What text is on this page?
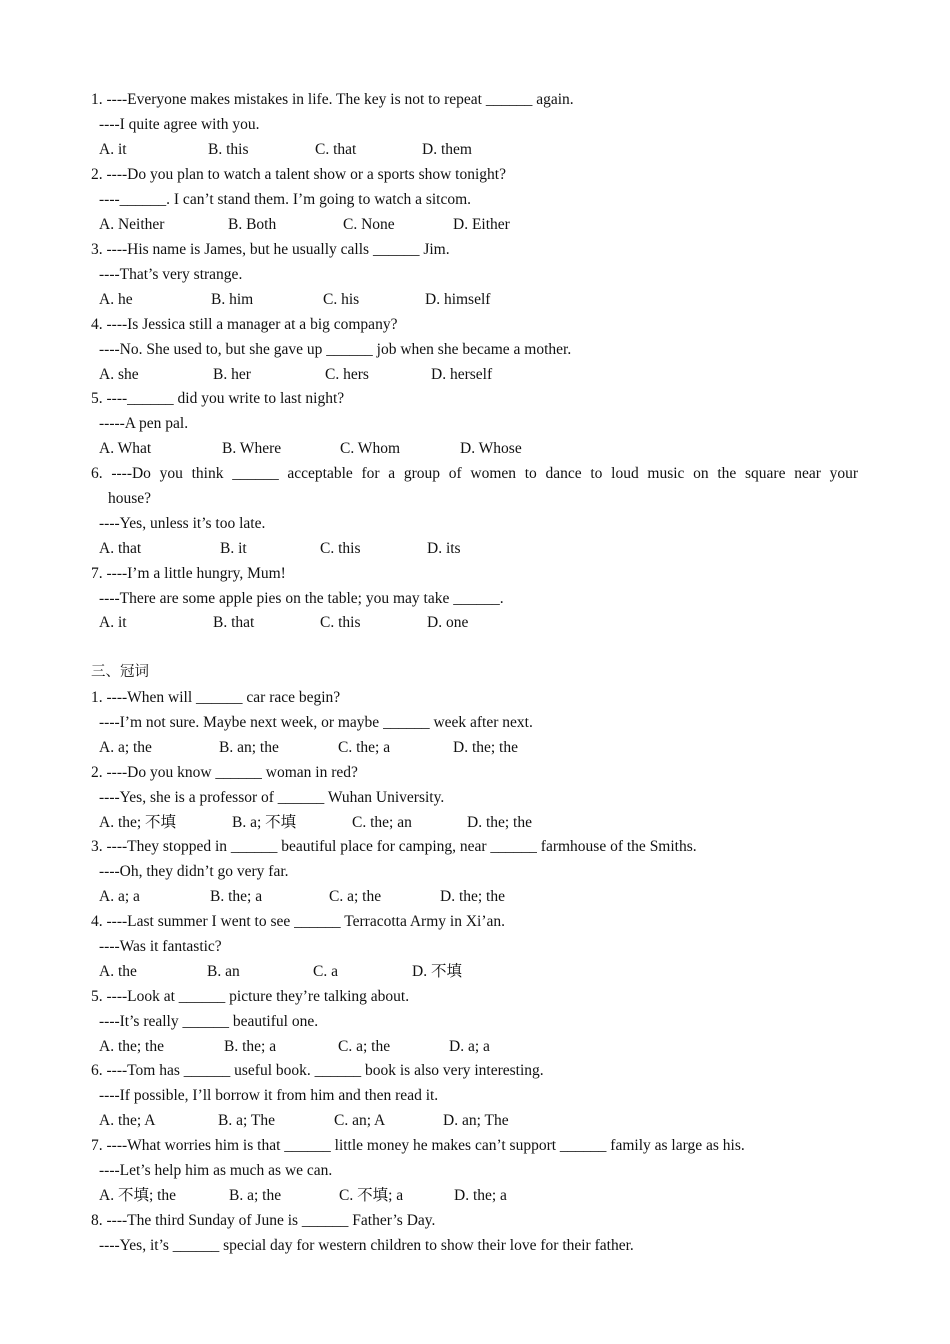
1. ----Everyone makes mistakes in life. The key is not to repeat ______ again.
----I quite agree with you.
A. it	B. this	C. that	D. them
2. ----Do you plan to watch a talent show or a sports show tonight?
----______. I can’t stand them. I’m going to watch a sitcom.
A. Neither	B. Both	C. None	D. Either
3. ----His name is James, but he usually calls ______ Jim.
----That’s very strange.
A. he	B. him	C. his	D. himself
4. ----Is Jessica still a manager at a big company?
----No. She used to, but she gave up ______ job when she became a mother.
A. she	B. her	C. hers	D. herself
5. ----______ did you write to last night?
-----A pen pal.
A. What	B. Where	C. Whom	D. Whose
6. ----Do you think ______ acceptable for a group of women to dance to loud music on the square near your
house?
----Yes, unless it’s too late.
A. that	B. it	C. this	D. its
7. ----I’m a little hungry, Mum!
----There are some apple pies on the table; you may take ______.
A. it	B. that	C. this	D. one
三、冠词
1. ----When will ______ car race begin?
----I’m not sure. Maybe next week, or maybe ______ week after next.
A. a; the	B. an; the	C. the; a	D. the; the
2. ----Do you know ______ woman in red?
----Yes, she is a professor of ______ Wuhan University.
A. the; 不填	B. a; 不填	C. the; an	D. the; the
3. ----They stopped in ______ beautiful place for camping, near ______ farmhouse of the Smiths.
----Oh, they didn’t go very far.
A. a; a	B. the; a	C. a; the	D. the; the
4. ----Last summer I went to see ______ Terracotta Army in Xi’an.
----Was it fantastic?
A. the	B. an	C. a	D. 不填
5. ----Look at ______ picture they’re talking about.
----It’s really ______ beautiful one.
A. the; the	B. the; a	C. a; the	D. a; a
6. ----Tom has ______ useful book. ______ book is also very interesting.
----If possible, I’ll borrow it from him and then read it.
A. the; A	B. a; The	C. an; A	D. an; The
7. ----What worries him is that ______ little money he makes can’t support ______ family as large as his.
----Let’s help him as much as we can.
A. 不填; the	B. a; the	C. 不填; a	D. the; a
8. ----The third Sunday of June is ______ Father’s Day.
----Yes, it’s ______ special day for western children to show their love for their father.
